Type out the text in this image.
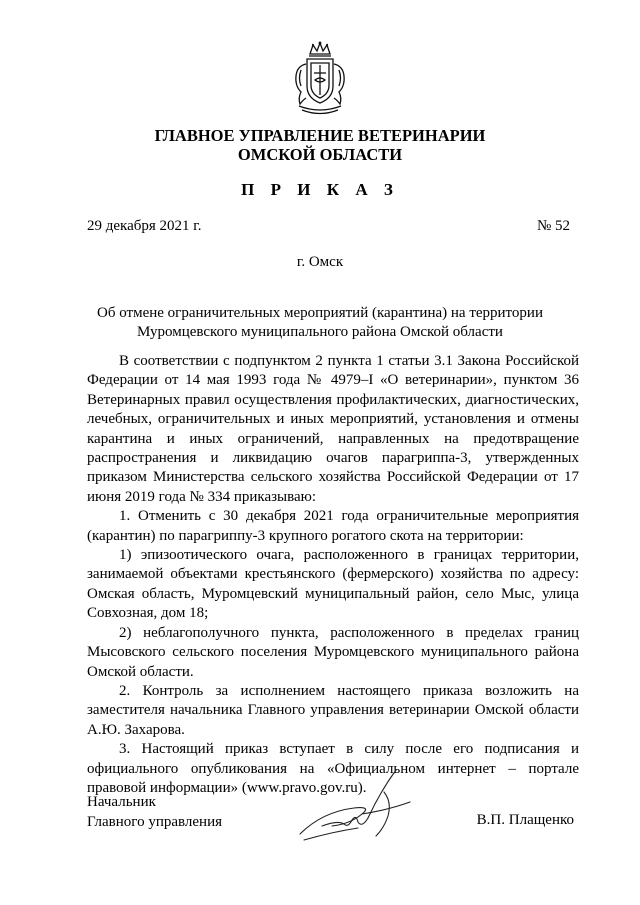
ГЛАВНОЕ УПРАВЛЕНИЕ ВЕТЕРИНАРИИ
ОМСКОЙ ОБЛАСТИ
П Р И К А З
29 декабря 2021 г.	№ 52
г. Омск
Об отмене ограничительных мероприятий (карантина) на территории
Муромцевского муниципального района Омской области

В соответствии с подпунктом 2 пункта 1 статьи 3.1 Закона Российской Федерации от 14 мая 1993 года № 4979–I «О ветеринарии», пунктом 36 Ветеринарных правил осуществления профилактических, диагностических, лечебных, ограничительных и иных мероприятий, установления и отмены карантина и иных ограничений, направленных на предотвращение распространения и ликвидацию очагов парагриппа-3, утвержденных приказом Министерства сельского хозяйства Российской Федерации от 17 июня 2019 года № 334 приказываю:

1. Отменить с 30 декабря 2021 года ограничительные мероприятия (карантин) по парагриппу-3 крупного рогатого скота на территории:

1) эпизоотического очага, расположенного в границах территории, занимаемой объектами крестьянского (фермерского) хозяйства по адресу: Омская область, Муромцевский муниципальный район, село Мыс, улица Совхозная, дом 18;

2) неблагополучного пункта, расположенного в пределах границ Мысовского сельского поселения Муромцевского муниципального района Омской области.

2. Контроль за исполнением настоящего приказа возложить на заместителя начальника Главного управления ветеринарии Омской области А.Ю. Захарова.

3. Настоящий приказ вступает в силу после его подписания и официального опубликования на «Официальном интернет – портале правовой информации» (www.pravo.gov.ru).

Начальник
Главного управления	В.П. Плащенко
